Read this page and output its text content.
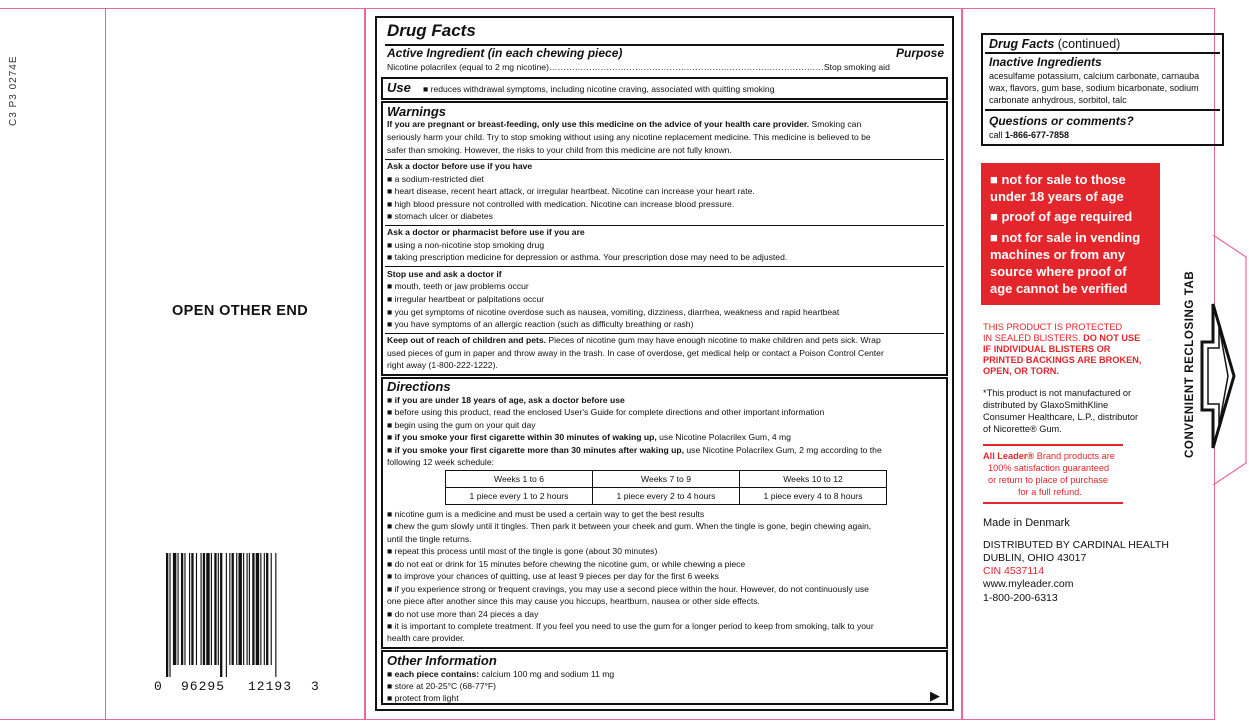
C3 P3 0274E
OPEN OTHER END
0 96295 12193 3
Drug Facts
Active Ingredient (in each chewing piece)	Purpose
Nicotine polacrilex (equal to 2 mg nicotine)……………………………………………………………………………………Stop smoking aid
Use ■ reduces withdrawal symptoms, including nicotine craving, associated with quitting smoking
Warnings
If you are pregnant or breast-feeding, only use this medicine on the advice of your health care provider. Smoking can
seriously harm your child. Try to stop smoking without using any nicotine replacement medicine. This medicine is believed to be
safer than smoking. However, the risks to your child from this medicine are not fully known.
Ask a doctor before use if you have
■ a sodium-restricted diet
■ heart disease, recent heart attack, or irregular heartbeat. Nicotine can increase your heart rate.
■ high blood pressure not controlled with medication. Nicotine can increase blood pressure.
■ stomach ulcer or diabetes
Ask a doctor or pharmacist before use if you are
■ using a non-nicotine stop smoking drug
■ taking prescription medicine for depression or asthma. Your prescription dose may need to be adjusted.
Stop use and ask a doctor if
■ mouth, teeth or jaw problems occur
■ irregular heartbeat or palpitations occur
■ you get symptoms of nicotine overdose such as nausea, vomiting, dizziness, diarrhea, weakness and rapid heartbeat
■ you have symptoms of an allergic reaction (such as difficulty breathing or rash)
Keep out of reach of children and pets. Pieces of nicotine gum may have enough nicotine to make children and pets sick. Wrap
used pieces of gum in paper and throw away in the trash. In case of overdose, get medical help or contact a Poison Control Center
right away (1-800-222-1222).
Directions
■ if you are under 18 years of age, ask a doctor before use
■ before using this product, read the enclosed User's Guide for complete directions and other important information
■ begin using the gum on your quit day
■ if you smoke your first cigarette within 30 minutes of waking up, use Nicotine Polacrilex Gum, 4 mg
■ if you smoke your first cigarette more than 30 minutes after waking up, use Nicotine Polacrilex Gum, 2 mg according to the
following 12 week schedule:
Weeks 1 to 6	Weeks 7 to 9	Weeks 10 to 12
1 piece every 1 to 2 hours	1 piece every 2 to 4 hours	1 piece every 4 to 8 hours
■ nicotine gum is a medicine and must be used a certain way to get the best results
■ chew the gum slowly until it tingles. Then park it between your cheek and gum. When the tingle is gone, begin chewing again,
until the tingle returns.
■ repeat this process until most of the tingle is gone (about 30 minutes)
■ do not eat or drink for 15 minutes before chewing the nicotine gum, or while chewing a piece
■ to improve your chances of quitting, use at least 9 pieces per day for the first 6 weeks
■ if you experience strong or frequent cravings, you may use a second piece within the hour. However, do not continuously use
one piece after another since this may cause you hiccups, heartburn, nausea or other side effects.
■ do not use more than 24 pieces a day
■ it is important to complete treatment. If you feel you need to use the gum for a longer period to keep from smoking, talk to your
health care provider.
Other Information
■ each piece contains: calcium 100 mg and sodium 11 mg
■ store at 20-25°C (68-77°F)
■ protect from light	▶
Drug Facts (continued)
Inactive Ingredients
acesulfame potassium, calcium carbonate, carnauba
wax, flavors, gum base, sodium bicarbonate, sodium
carbonate anhydrous, sorbitol, talc
Questions or comments?
call 1-866-677-7858
■ not for sale to those
under 18 years of age
■ proof of age required
■ not for sale in vending
machines or from any
source where proof of
age cannot be verified
THIS PRODUCT IS PROTECTED
IN SEALED BLISTERS. DO NOT USE
IF INDIVIDUAL BLISTERS OR
PRINTED BACKINGS ARE BROKEN,
OPEN, OR TORN.
*This product is not manufactured or
distributed by GlaxoSmithKline
Consumer Healthcare, L.P., distributor
of Nicorette® Gum.
All Leader® Brand products are
100% satisfaction guaranteed
or return to place of purchase
for a full refund.
Made in Denmark
DISTRIBUTED BY CARDINAL HEALTH
DUBLIN, OHIO 43017
CIN 4537114
www.myleader.com
1-800-200-6313
CONVENIENT RECLOSING TAB
